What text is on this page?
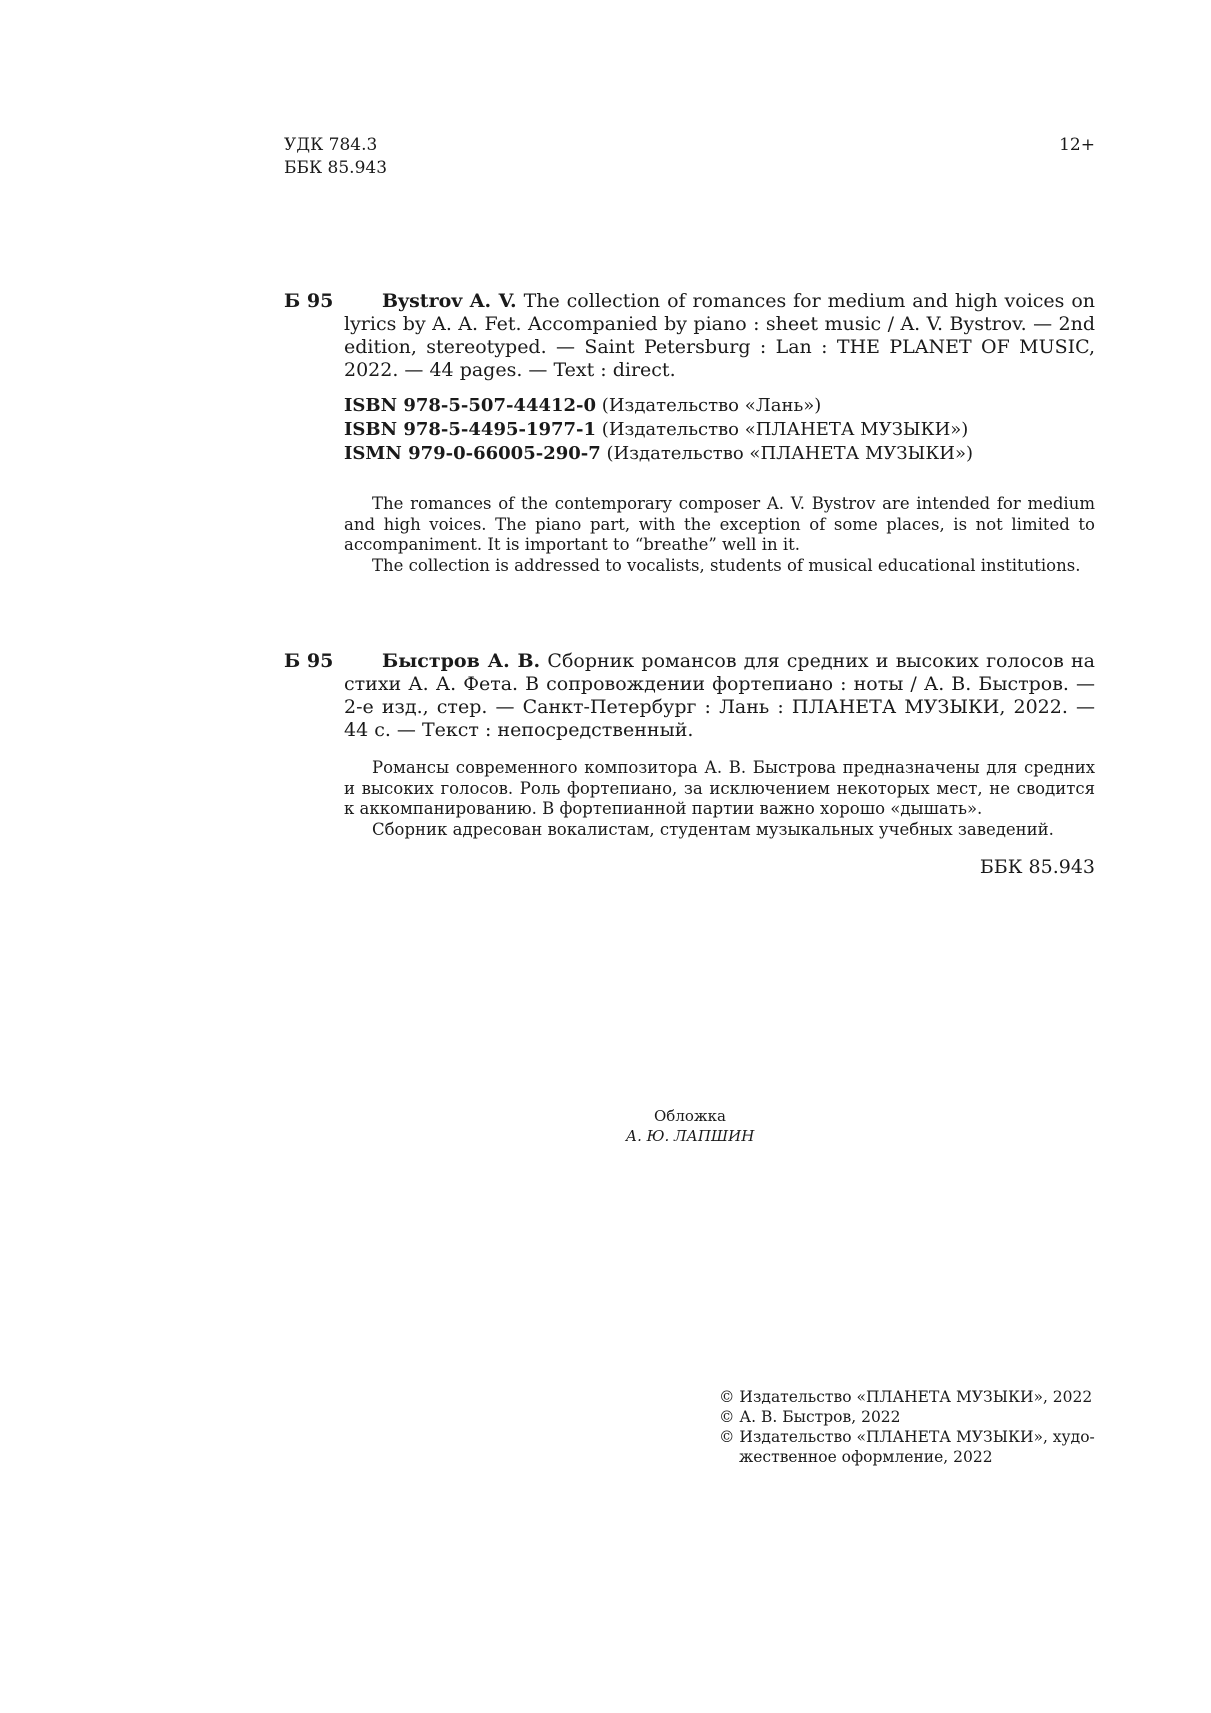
УДК 784.3
ББК 85.943
12+
Б 95	Bystrov A. V. The collection of romances for medium and high voices on lyrics by A. A. Fet. Accompanied by piano : sheet music / A. V. Bystrov. — 2nd edition, stereotyped. — Saint Petersburg : Lan : THE PLANET OF MUSIC, 2022. — 44 pages. — Text : direct.
ISBN 978-5-507-44412-0 (Издательство «Лань»)
ISBN 978-5-4495-1977-1 (Издательство «ПЛАНЕТА МУЗЫКИ»)
ISMN 979-0-66005-290-7 (Издательство «ПЛАНЕТА МУЗЫКИ»)

The romances of the contemporary composer A. V. Bystrov are intended for medium and high voices. The piano part, with the exception of some places, is not limited to accompaniment. It is important to “breathe” well in it.

The collection is addressed to vocalists, students of musical educational institutions.

Б 95	Быстров А. В. Сборник романсов для средних и высоких голосов на стихи А. А. Фета. В сопровождении фортепиано : ноты / А. В. Быстров. — 2-е изд., стер. — Санкт-Петербург : Лань : ПЛАНЕТА МУЗЫКИ, 2022. — 44 с. — Текст : непосредственный.

Романсы современного композитора А. В. Быстрова предназначены для средних и высоких голосов. Роль фортепиано, за исключением некоторых мест, не сводится к аккомпанированию. В фортепианной партии важно хорошо «дышать».

Сборник адресован вокалистам, студентам музыкальных учебных заведений.

ББК 85.943
Обложка
А. Ю. ЛАПШИН
© Издательство «ПЛАНЕТА МУЗЫКИ», 2022
© А. В. Быстров, 2022
© Издательство «ПЛАНЕТА МУЗЫКИ», худо-
жественное оформление, 2022
